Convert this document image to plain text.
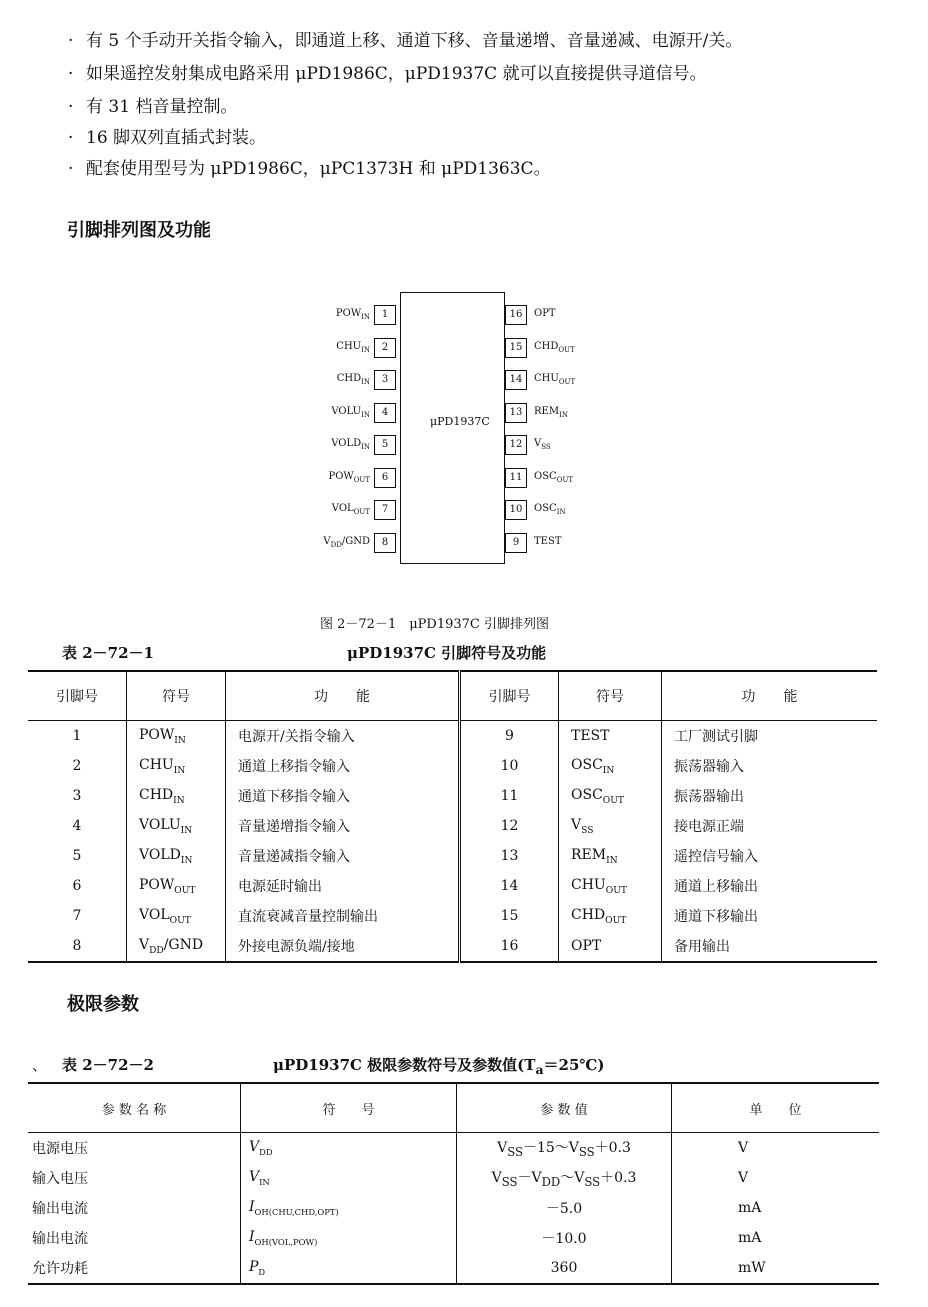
· 有 5 个手动开关指令输入，即通道上移、通道下移、音量递增、音量递减、电源开/关。
· 如果遥控发射集成电路采用 μPD1986C，μPD1937C 就可以直接提供寻道信号。
· 有 31 档音量控制。
· 16 脚双列直插式封装。
· 配套使用型号为 μPD1986C，μPC1373H 和 μPD1363C。
引脚排列图及功能
μPD1937C
1
$POW_{IN}$
2
$CHU_{IN}$
3
$CHD_{IN}$
4
$VOLU_{IN}$
5
$VOLD_{IN}$
6
$POW_{OUT}$
7
$VOL_{OUT}$
8
$V_{DD}$/GND
16	OPT
15	$CHD_{OUT}$
14	$CHU_{OUT}$
13	$REM_{IN}$
12	$V_{SS}$
11	$OSC_{OUT}$
10	$OSC_{IN}$
9	TEST
图 2－72－1　μPD1937C 引脚排列图
表 2－72－1	μPD1937C 引脚符号及功能
引脚号	符号	功　　能	引脚号	符号	功　　能
1	$POW_{IN}$	电源开/关指令输入	9	TEST	工厂测试引脚
2	$CHU_{IN}$	通道上移指令输入	10	$OSC_{IN}$	振荡器输入
3	$CHD_{IN}$	通道下移指令输入	11	$OSC_{OUT}$	振荡器输出
4	$VOLU_{IN}$	音量递增指令输入	12	$V_{SS}$	接电源正端
5	$VOLD_{IN}$	音量递减指令输入	13	$REM_{IN}$	遥控信号输入
6	$POW_{OUT}$	电源延时输出	14	$CHU_{OUT}$	通道上移输出
7	$VOL_{OUT}$	直流衰减音量控制输出	15	$CHD_{OUT}$	通道下移输出
8	$V_{DD}$/GND	外接电源负端/接地	16	OPT	备用输出
极限参数
、 表 2－72－2	μPD1937C 极限参数符号及参数值$(T_a=25℃)$
参 数 名 称	符　　号	参 数 值	单　　位
电源电压	$V_{DD}$	$V_{SS}-15\sim V_{SS}+0.3$	V
输入电压	$V_{IN}$	$V_{SS}-V_{DD}\sim V_{SS}+0.3$	V
输出电流	$I_{OH(CHU,CHD,OPT)}$	－5.0	mA
输出电流	$I_{OH(VOL,POW)}$	－10.0	mA
允许功耗	$P_D$	360	mW
